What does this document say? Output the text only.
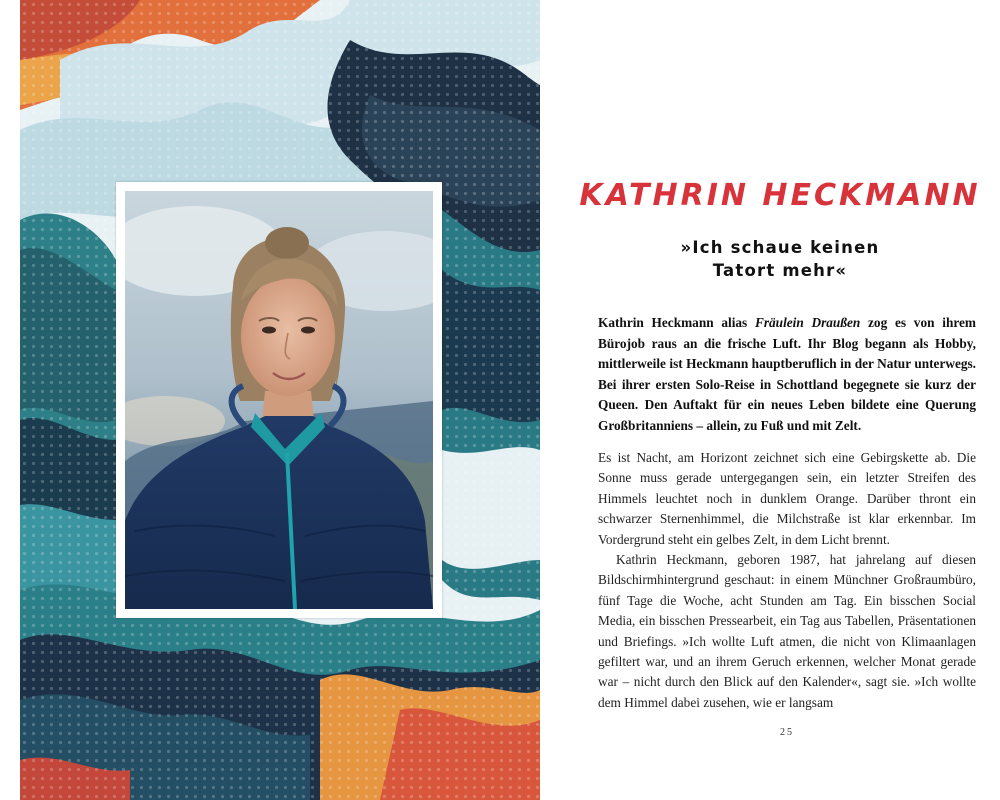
KATHRIN HECKMANN
»Ich schaue keinen
Tatort mehr«

Kathrin Heckmann alias Fräulein Draußen zog es von ihrem Bürojob raus an die frische Luft. Ihr Blog begann als Hobby, mittlerweile ist Heckmann hauptberuflich in der Natur unterwegs. Bei ihrer ersten Solo-Reise in Schottland begegnete sie kurz der Queen. Den Auftakt für ein neues Leben bildete eine Querung Großbritanniens – allein, zu Fuß und mit Zelt.

Es ist Nacht, am Horizont zeichnet sich eine Gebirgskette ab. Die Sonne muss gerade untergegangen sein, ein letzter Streifen des Himmels leuchtet noch in dunklem Orange. Darüber thront ein schwarzer Sternenhimmel, die Milchstraße ist klar erkennbar. Im Vordergrund steht ein gelbes Zelt, in dem Licht brennt.

Kathrin Heckmann, geboren 1987, hat jahrelang auf diesen Bildschirmhintergrund geschaut: in einem Münchner Großraumbüro, fünf Tage die Woche, acht Stunden am Tag. Ein bisschen Social Media, ein bisschen Pressearbeit, ein Tag aus Tabellen, Präsentationen und Briefings. »Ich wollte Luft atmen, die nicht von Klimaanlagen gefiltert war, und an ihrem Geruch erkennen, welcher Monat gerade war – nicht durch den Blick auf den Kalender«, sagt sie. »Ich wollte dem Himmel dabei zusehen, wie er langsam

25
